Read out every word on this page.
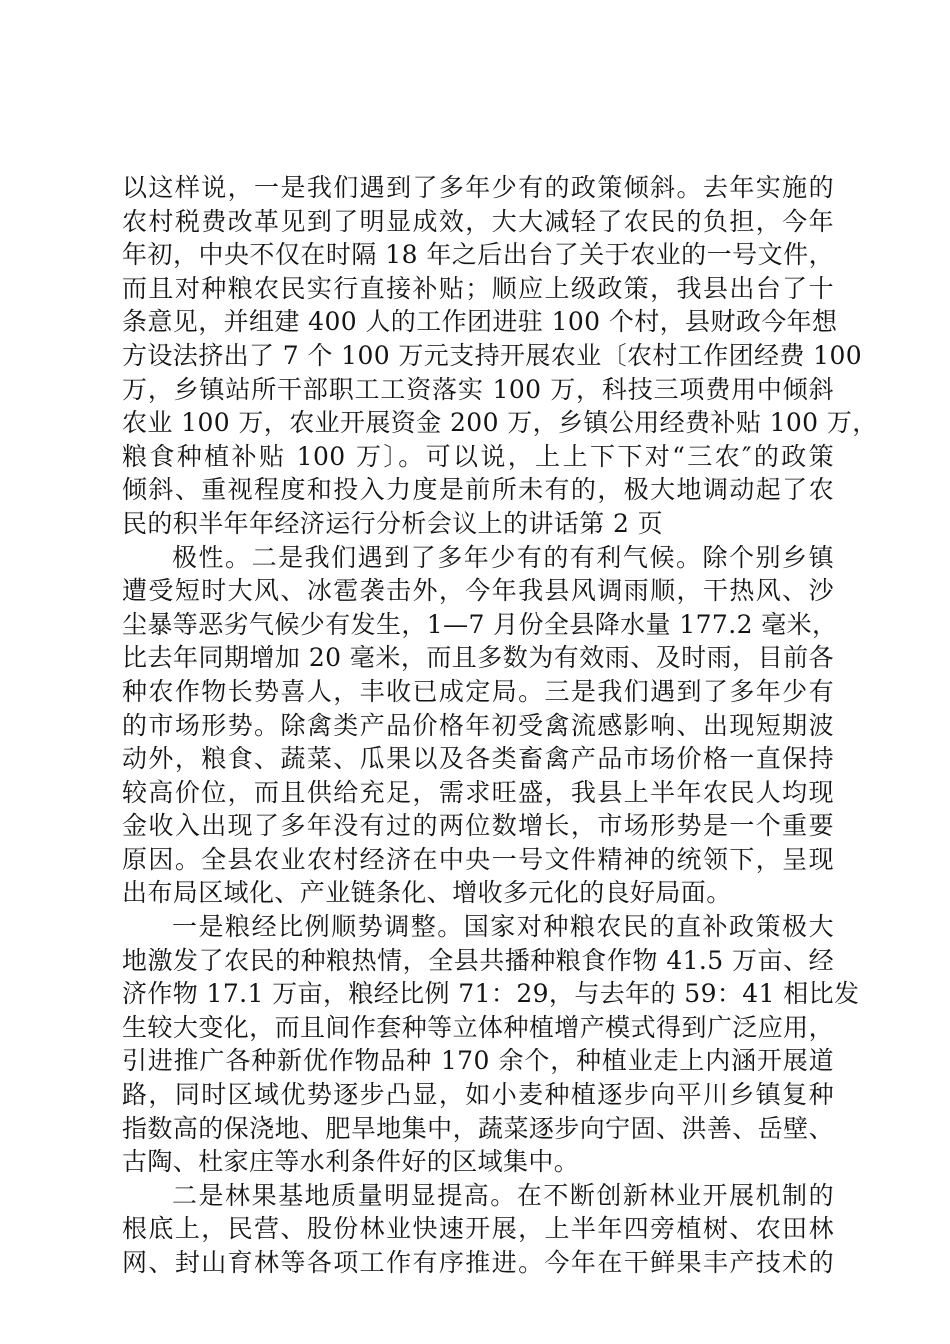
以这样说，一是我们遇到了多年少有的政策倾斜。去年实施的
农村税费改革见到了明显成效，大大减轻了农民的负担，今年
年初，中央不仅在时隔 18 年之后出台了关于农业的一号文件，
而且对种粮农民实行直接补贴；顺应上级政策，我县出台了十
条意见，并组建 400 人的工作团进驻 100 个村，县财政今年想
方设法挤出了 7 个 100 万元支持开展农业〔农村工作团经费 100
万，乡镇站所干部职工工资落实 100 万，科技三项费用中倾斜
农业 100 万，农业开展资金 200 万，乡镇公用经费补贴 100 万，
粮食种植补贴 100 万〕。可以说，上上下下对“三农″的政策
倾斜、重视程度和投入力度是前所未有的，极大地调动起了农
民的积半年年经济运行分析会议上的讲话第 2 页
极性。二是我们遇到了多年少有的有利气候。除个别乡镇
遭受短时大风、冰雹袭击外，今年我县风调雨顺，干热风、沙
尘暴等恶劣气候少有发生，1—7 月份全县降水量 177.2 毫米，
比去年同期增加 20 毫米，而且多数为有效雨、及时雨，目前各
种农作物长势喜人，丰收已成定局。三是我们遇到了多年少有
的市场形势。除禽类产品价格年初受禽流感影响、出现短期波
动外，粮食、蔬菜、瓜果以及各类畜禽产品市场价格一直保持
较高价位，而且供给充足，需求旺盛，我县上半年农民人均现
金收入出现了多年没有过的两位数增长，市场形势是一个重要
原因。全县农业农村经济在中央一号文件精神的统领下，呈现
出布局区域化、产业链条化、增收多元化的良好局面。
一是粮经比例顺势调整。国家对种粮农民的直补政策极大
地激发了农民的种粮热情，全县共播种粮食作物 41.5 万亩、经
济作物 17.1 万亩，粮经比例 71：29，与去年的 59：41 相比发
生较大变化，而且间作套种等立体种植增产模式得到广泛应用，
引进推广各种新优作物品种 170 余个，种植业走上内涵开展道
路，同时区域优势逐步凸显，如小麦种植逐步向平川乡镇复种
指数高的保浇地、肥旱地集中，蔬菜逐步向宁固、洪善、岳壁、
古陶、杜家庄等水利条件好的区域集中。
二是林果基地质量明显提高。在不断创新林业开展机制的
根底上，民营、股份林业快速开展，上半年四旁植树、农田林
网、封山育林等各项工作有序推进。今年在干鲜果丰产技术的
